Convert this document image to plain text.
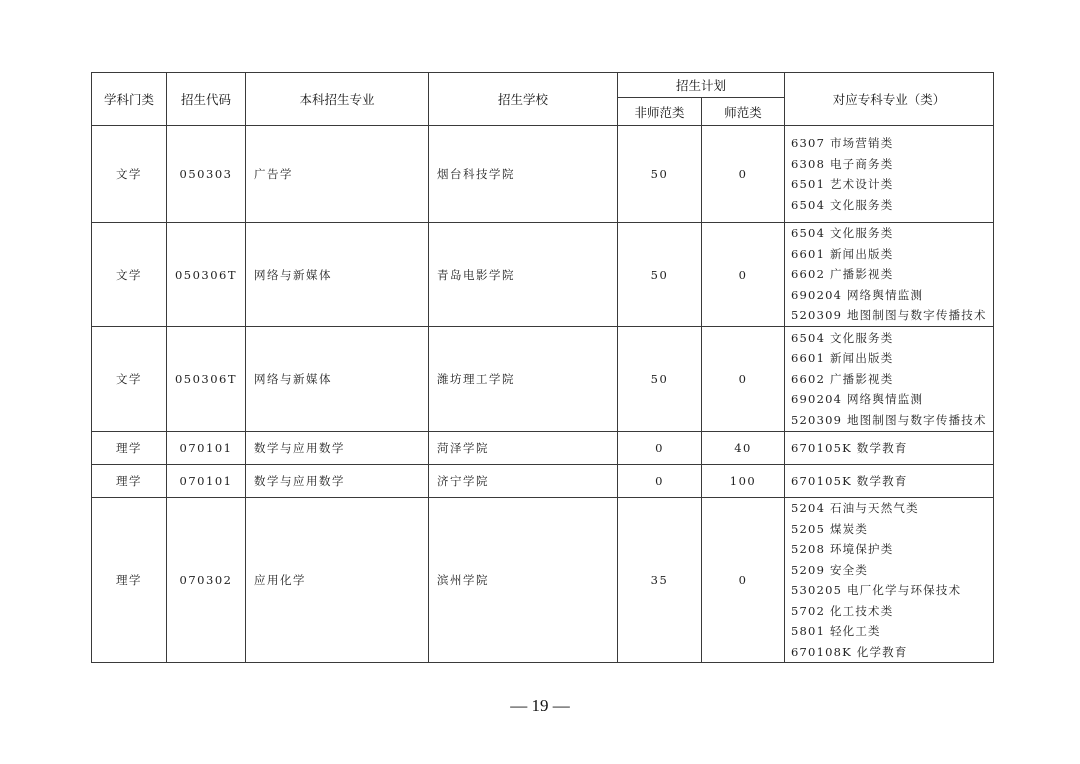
学科门类	招生代码	本科招生专业	招生学校	招生计划		对应专科专业（类）
				非师范类	师范类	
文学	050303	广告学	烟台科技学院	50	0	6307 市场营销类
6308 电子商务类
6501 艺术设计类
6504 文化服务类

文学	050306T	网络与新媒体	青岛电影学院	50	0	6504 文化服务类
6601 新闻出版类
6602 广播影视类
690204 网络舆情监测
520309 地图制图与数字传播技术

文学	050306T	网络与新媒体	潍坊理工学院	50	0	6504 文化服务类
6601 新闻出版类
6602 广播影视类
690204 网络舆情监测
520309 地图制图与数字传播技术

理学	070101	数学与应用数学	菏泽学院	0	40	670105K 数学教育

理学	070101	数学与应用数学	济宁学院	0	100	670105K 数学教育

理学	070302	应用化学	滨州学院	35	0	
5204 石油与天然气类
5205 煤炭类
5208 环境保护类
5209 安全类
530205 电厂化学与环保技术
5702 化工技术类
5801 轻化工类
670108K 化学教育
— 19 —
